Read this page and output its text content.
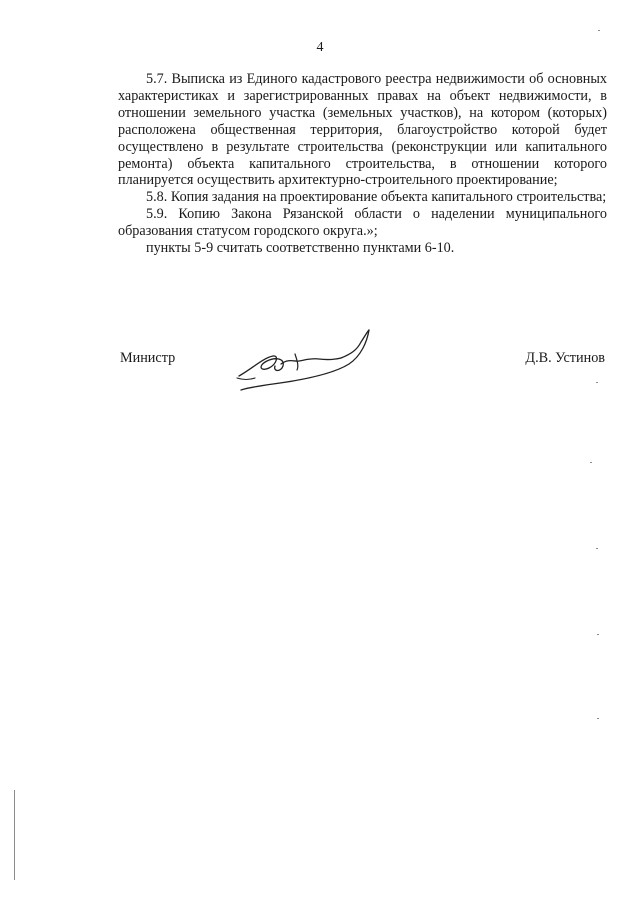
4

5.7. Выписка из Единого кадастрового реестра недвижимости об основных характеристиках и зарегистрированных правах на объект недвижимости, в отношении земельного участка (земельных участков), на котором (которых) расположена общественная территория, благоустройство которой будет осуществлено в результате строительства (реконструкции или капитального ремонта) объекта капитального строительства, в отношении которого планируется осуществить архитектурно-строительного проектирование;

5.8. Копия задания на проектирование объекта капитального строительства;

5.9. Копию Закона Рязанской области о наделении муниципального образования статусом городского округа.»;

пункты 5-9 считать соответственно пунктами 6-10.

Министр	Д.В. Устинов
